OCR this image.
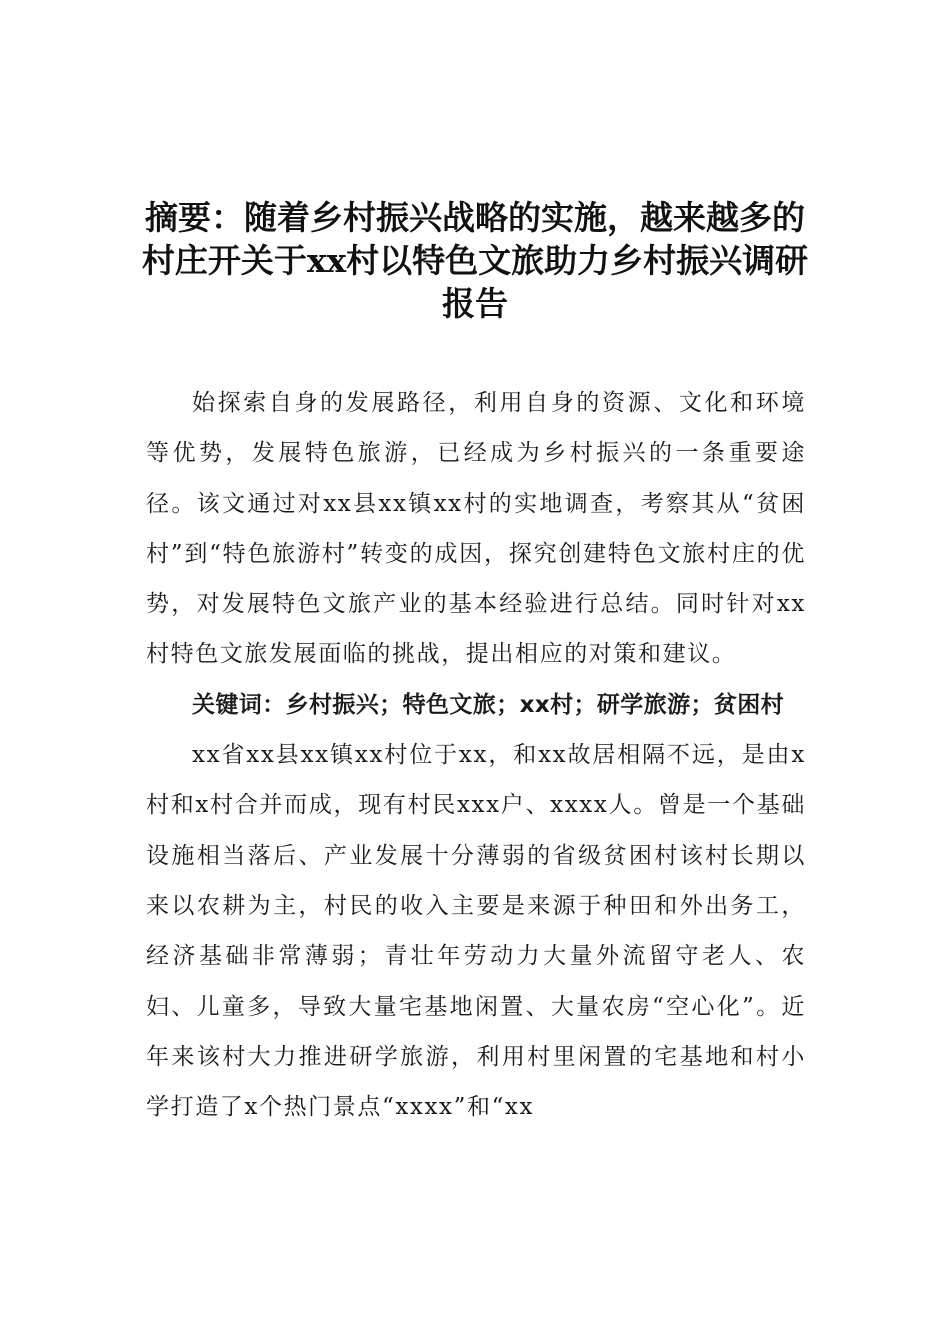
摘要：随着乡村振兴战略的实施，越来越多的村庄开关于xx村以特色文旅助力乡村振兴调研报告

始探索自身的发展路径，利用自身的资源、文化和环境等优势，发展特色旅游，已经成为乡村振兴的一条重要途径。该文通过对xx县xx镇xx村的实地调查，考察其从“贫困村”到“特色旅游村”转变的成因，探究创建特色文旅村庄的优势，对发展特色文旅产业的基本经验进行总结。同时针对xx村特色文旅发展面临的挑战，提出相应的对策和建议。

关键词：乡村振兴；特色文旅；xx村；研学旅游；贫困村

xx省xx县xx镇xx村位于xx，和xx故居相隔不远，是由x村和x村合并而成，现有村民xxx户、xxxx人。曾是一个基础设施相当落后、产业发展十分薄弱的省级贫困村该村长期以来以农耕为主，村民的收入主要是来源于种田和外出务工，经济基础非常薄弱；青壮年劳动力大量外流留守老人、农妇、儿童多，导致大量宅基地闲置、大量农房“空心化”。近年来该村大力推进研学旅游，利用村里闲置的宅基地和村小学打造了x个热门景点“xxxx”和“xx
